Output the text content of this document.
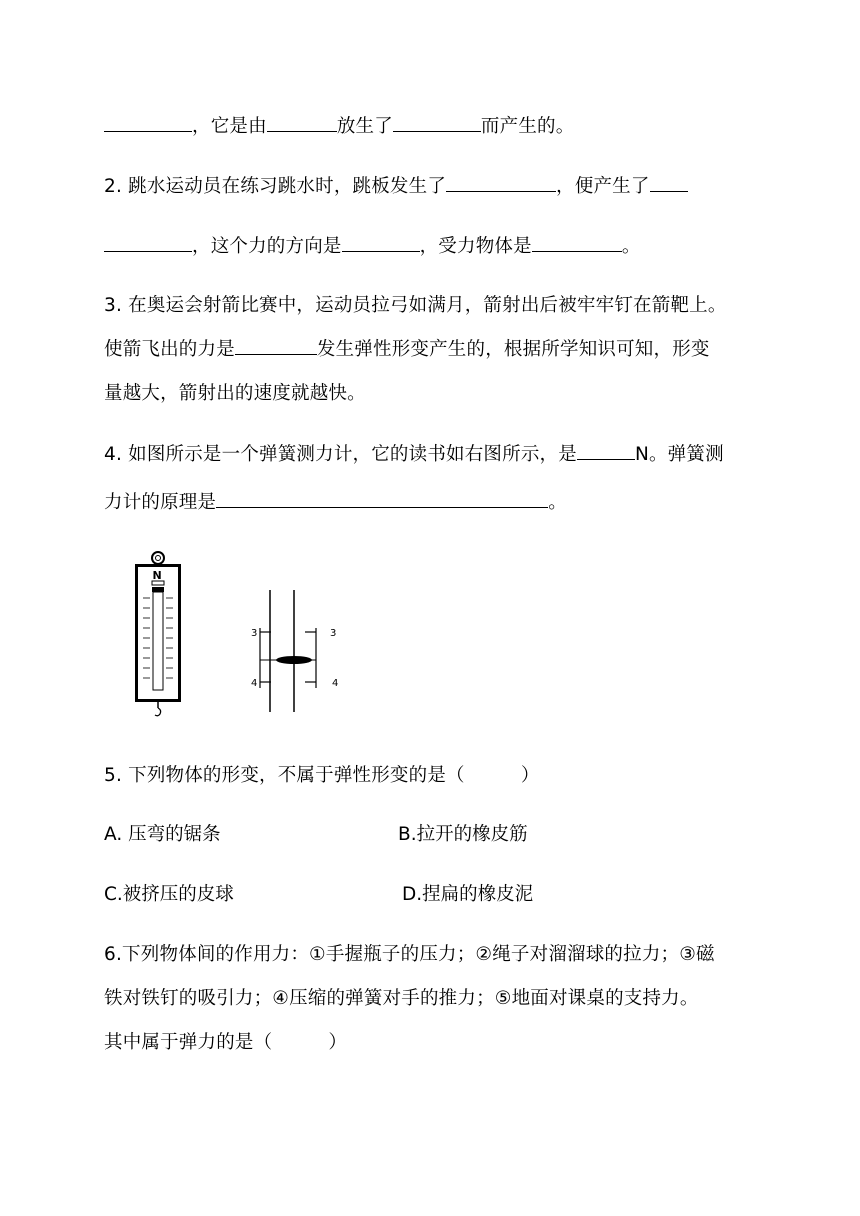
，它是由	放生了	而产生的。
2. 跳水运动员在练习跳水时，跳板发生了	，便产生了
，这个力的方向是	，受力物体是	。
3. 在奥运会射箭比赛中，运动员拉弓如满月，箭射出后被牢牢钉在箭靶上。
使箭飞出的力是	发生弹性形变产生的，根据所学知识可知，形变
量越大，箭射出的速度就越快。
4. 如图所示是一个弹簧测力计，它的读书如右图所示，是	N。弹簧测
力计的原理是	。
N
3	3
4	4
5. 下列物体的形变，不属于弹性形变的是（　　　）
A. 压弯的锯条	B.拉开的橡皮筋
C.被挤压的皮球	D.捏扁的橡皮泥
6.下列物体间的作用力：①手握瓶子的压力；②绳子对溜溜球的拉力；③磁
铁对铁钉的吸引力；④压缩的弹簧对手的推力；⑤地面对课桌的支持力。
其中属于弹力的是（　　　）
